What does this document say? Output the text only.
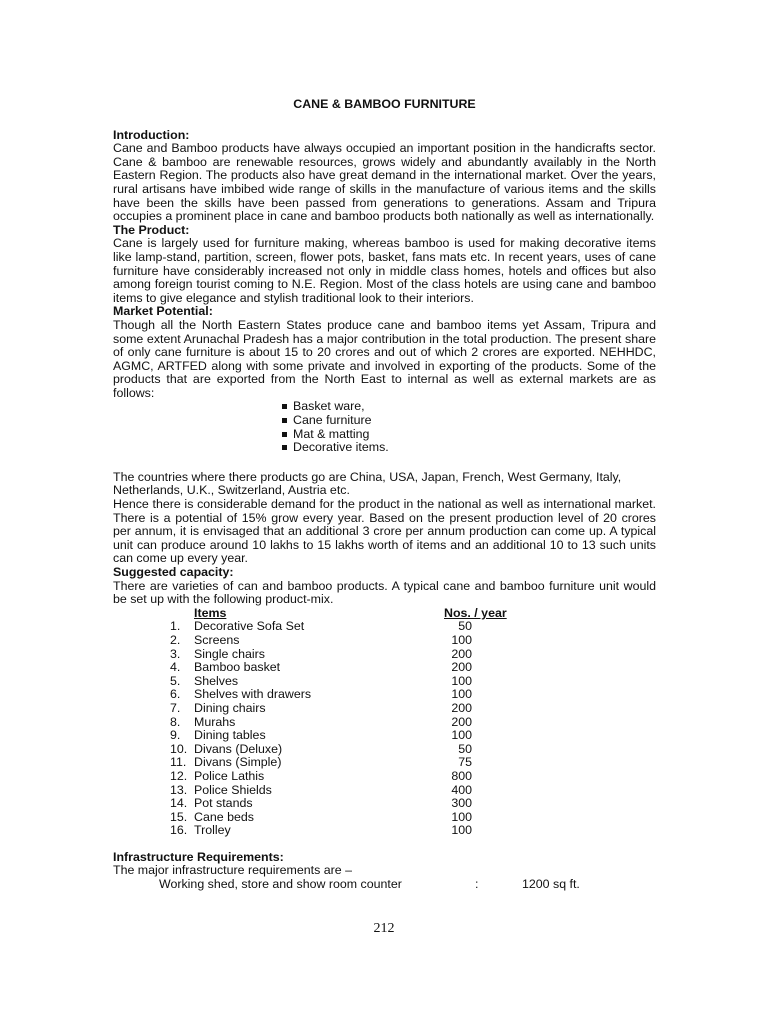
CANE & BAMBOO FURNITURE

Introduction:

Cane and Bamboo products have always occupied an important position in the handicrafts sector. Cane & bamboo are renewable resources, grows widely and abundantly availably in the North Eastern Region. The products also have great demand in the international market. Over the years, rural artisans have imbibed wide range of skills in the manufacture of various items and the skills have been the skills have been passed from generations to generations. Assam and Tripura occupies a prominent place in cane and bamboo products both nationally as well as internationally.

The Product:

Cane is largely used for furniture making, whereas bamboo is used for making decorative items like lamp-stand, partition, screen, flower pots, basket, fans mats etc. In recent years, uses of cane furniture have considerably increased not only in middle class homes, hotels and offices but also among foreign tourist coming to N.E. Region. Most of the class hotels are using cane and bamboo items to give elegance and stylish traditional look to their interiors.

Market Potential:

Though all the North Eastern States produce cane and bamboo items yet Assam, Tripura and some extent Arunachal Pradesh has a major contribution in the total production. The present share of only cane furniture is about 15 to 20 crores and out of which 2 crores are exported. NEHHDC, AGMC, ARTFED along with some private and involved in exporting of the products. Some of the products that are exported from the North East to internal as well as external markets are as follows:

Basket ware,
Cane furniture
Mat & matting
Decorative items.

The countries where there products go are China, USA, Japan, French, West Germany, Italy,

Netherlands, U.K., Switzerland, Austria etc.

Hence there is considerable demand for the product in the national as well as international market. There is a potential of 15% grow every year. Based on the present production level of 20 crores per annum, it is envisaged that an additional 3 crore per annum production can come up. A typical unit can produce around 10 lakhs to 15 lakhs worth of items and an additional 10 to 13 such units can come up every year.

Suggested capacity:

There are varieties of can and bamboo products. A typical cane and bamboo furniture unit would be set up with the following product-mix.

	Items	Nos. / year
1.	Decorative Sofa Set	50
2.	Screens	100
3.	Single chairs	200
4.	Bamboo basket	200
5.	Shelves	100
6.	Shelves with drawers	100
7.	Dining chairs	200
8.	Murahs	200
9.	Dining tables	100
10.	Divans (Deluxe)	50
11.	Divans (Simple)	75
12.	Police Lathis	800
13.	Police Shields	400
14.	Pot stands	300
15.	Cane beds	100
16.	Trolley	100

Infrastructure Requirements:

The major infrastructure requirements are –

Working shed, store and show room counter	:	1200 sq ft.
212
